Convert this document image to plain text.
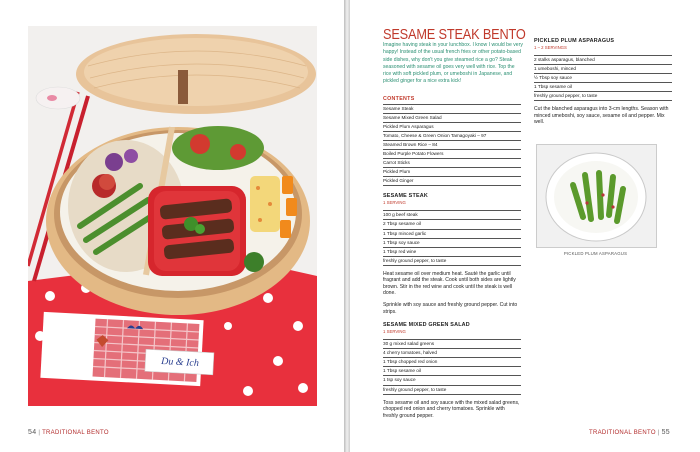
Du & Ich
54 | TRADITIONAL BENTO
SESAME STEAK BENTO

Imagine having steak in your lunchbox. I know I would be very happy! Instead of the usual french fries or other potato-based side dishes, why don't you give steamed rice a go? Steak seasoned with sesame oil goes very well with rice. Top the rice with soft pickled plum, or umeboshi in Japanese, and pickled ginger for a nice extra kick!

CONTENTS
Sesame Steak
Sesame Mixed Green Salad
Pickled Plum Asparagus
Tomato, Cheese & Green Onion Tamagoyaki – 97
Steamed Brown Rice – 84
Boiled Purple Potato Flowers
Carrot Sticks
Pickled Plum
Pickled Ginger
SESAME STEAK
1 SERVING
100 g beef steak
2 Tbsp sesame oil
1 Tbsp minced garlic
1 Tbsp soy sauce
1 Tbsp red wine
freshly ground pepper, to taste

Heat sesame oil over medium heat. Sauté the garlic until fragrant and add the steak. Cook until both sides are lightly brown. Stir in the red wine and cook until the steak is well done.

Sprinkle with soy sauce and freshly ground pepper. Cut into strips.

SESAME MIXED GREEN SALAD
1 SERVING
30 g mixed salad greens
4 cherry tomatoes, halved
1 Tbsp chopped red onion
1 Tbsp sesame oil
1 tsp soy sauce
freshly ground pepper, to taste

Toss sesame oil and soy sauce with the mixed salad greens, chopped red onion and cherry tomatoes. Sprinkle with freshly ground pepper.

PICKLED PLUM ASPARAGUS
1 – 2 SERVINGS
2 stalks asparagus, blanched
1 umeboshi, minced
½ Tbsp soy sauce
1 Tbsp sesame oil
freshly ground pepper, to taste

Cut the blanched asparagus into 3-cm lengths. Season with minced umeboshi, soy sauce, sesame oil and pepper. Mix well.

PICKLED PLUM ASPARAGUS
TRADITIONAL BENTO | 55
